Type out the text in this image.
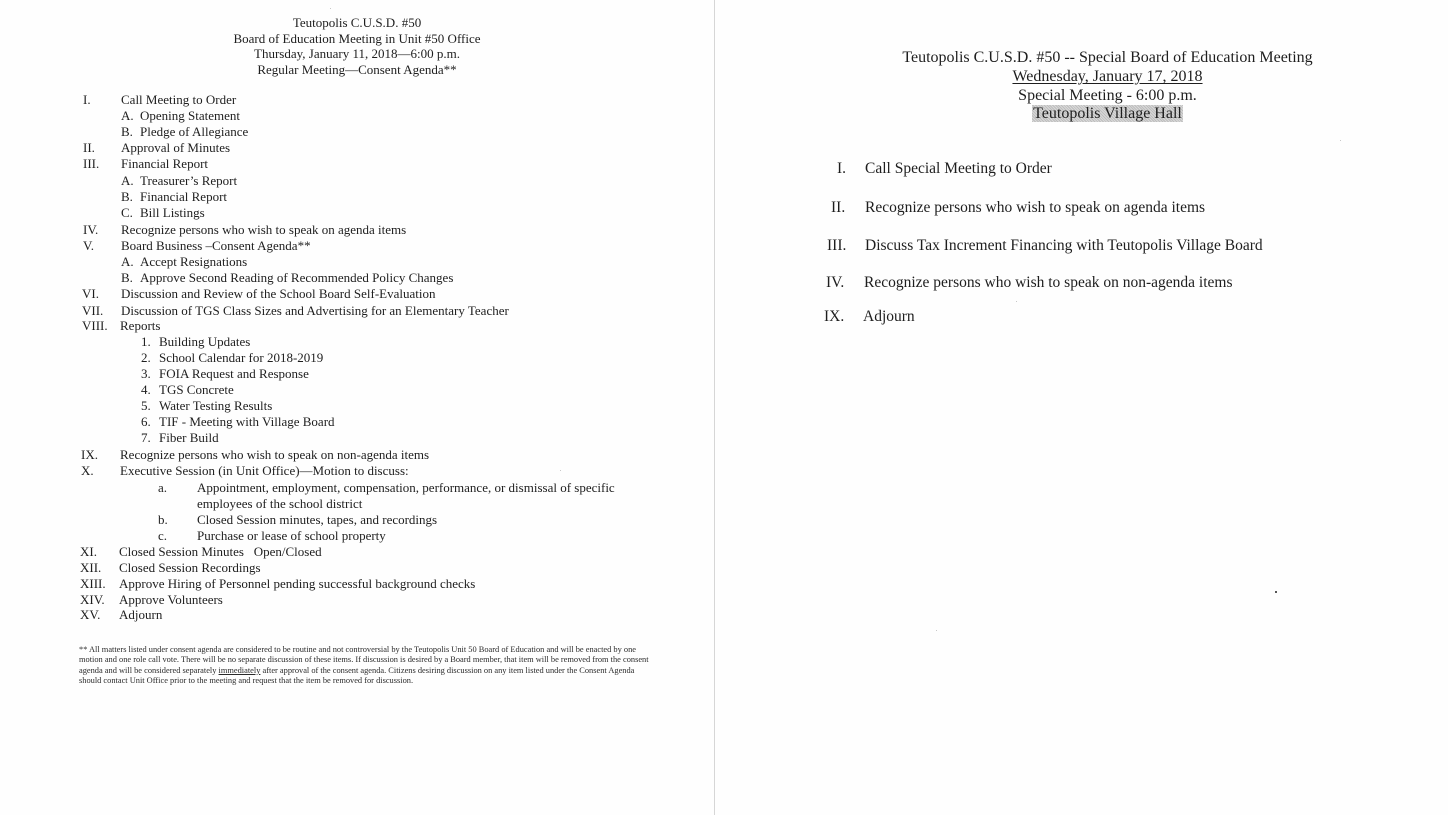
Teutopolis C.U.S.D. #50
Board of Education Meeting in Unit #50 Office
Thursday, January 11, 2018—6:00 p.m.
Regular Meeting—Consent Agenda**
I. Call Meeting to Order
A. Opening Statement
B. Pledge of Allegiance
II. Approval of Minutes
III. Financial Report
A. Treasurer’s Report
B. Financial Report
C. Bill Listings
IV. Recognize persons who wish to speak on agenda items
V. Board Business –Consent Agenda**
A. Accept Resignations
B. Approve Second Reading of Recommended Policy Changes
VI. Discussion and Review of the School Board Self-Evaluation
VII. Discussion of TGS Class Sizes and Advertising for an Elementary Teacher
VIII. Reports
1. Building Updates
2. School Calendar for 2018-2019
3. FOIA Request and Response
4. TGS Concrete
5. Water Testing Results
6. TIF - Meeting with Village Board
7. Fiber Build
IX. Recognize persons who wish to speak on non-agenda items
X. Executive Session (in Unit Office)—Motion to discuss:
a. Appointment, employment, compensation, performance, or dismissal of specific
employees of the school district
b. Closed Session minutes, tapes, and recordings
c. Purchase or lease of school property
XI. Closed Session Minutes   Open/Closed
XII. Closed Session Recordings
XIII. Approve Hiring of Personnel pending successful background checks
XIV. Approve Volunteers
XV. Adjourn
** All matters listed under consent agenda are considered to be routine and not controversial by the Teutopolis Unit 50 Board of Education and will be enacted by one motion and one role call vote. There will be no separate discussion of these items. If discussion is desired by a Board member, that item will be removed from the consent agenda and will be considered separately immediately after approval of the consent agenda. Citizens desiring discussion on any item listed under the Consent Agenda should contact Unit Office prior to the meeting and request that the item be removed for discussion.
Teutopolis C.U.S.D. #50 -- Special Board of Education Meeting
Wednesday, January 17, 2018
Special Meeting - 6:00 p.m.
Teutopolis Village Hall
I. Call Special Meeting to Order
II. Recognize persons who wish to speak on agenda items
III. Discuss Tax Increment Financing with Teutopolis Village Board
IV. Recognize persons who wish to speak on non-agenda items
IX. Adjourn
